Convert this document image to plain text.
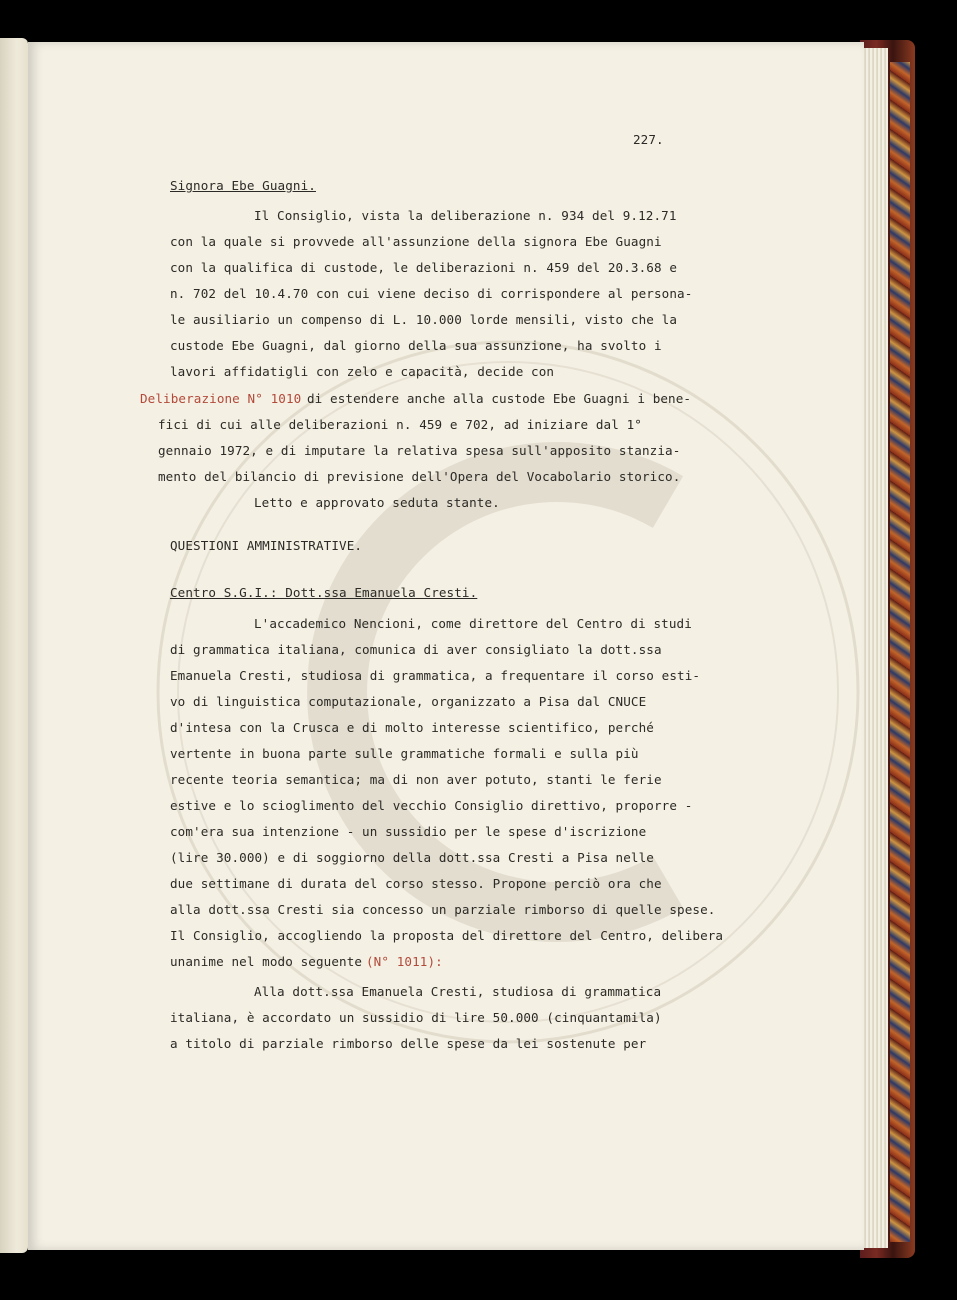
227.
Signora Ebe Guagni.
Il Consiglio, vista la deliberazione n. 934 del 9.12.71
con la quale si provvede all'assunzione della signora Ebe Guagni
con la qualifica di custode, le deliberazioni n. 459 del 20.3.68 e
n. 702 del 10.4.70 con cui viene deciso di corrispondere al persona-
le ausiliario un compenso di L. 10.000 lorde mensili, visto che la
custode Ebe Guagni, dal giorno della sua assunzione, ha svolto i
lavori affidatigli con zelo e capacità, decide con
Deliberazione N° 1010 di estendere anche alla custode Ebe Guagni i bene-
fici di cui alle deliberazioni n. 459 e 702, ad iniziare dal 1°
gennaio 1972, e di imputare la relativa spesa sull'apposito stanzia-
mento del bilancio di previsione dell'Opera del Vocabolario storico.
Letto e approvato seduta stante.
QUESTIONI AMMINISTRATIVE.
Centro S.G.I.: Dott.ssa Emanuela Cresti.
L'accademico Nencioni, come direttore del Centro di studi
di grammatica italiana, comunica di aver consigliato la dott.ssa
Emanuela Cresti, studiosa di grammatica, a frequentare il corso esti-
vo di linguistica computazionale, organizzato a Pisa dal CNUCE
d'intesa con la Crusca e di molto interesse scientifico, perché
vertente in buona parte sulle grammatiche formali e sulla più
recente teoria semantica; ma di non aver potuto, stanti le ferie
estive e lo scioglimento del vecchio Consiglio direttivo, proporre -
com'era sua intenzione - un sussidio per le spese d'iscrizione
(lire 30.000) e di soggiorno della dott.ssa Cresti a Pisa nelle
due settimane di durata del corso stesso. Propone perciò ora che
alla dott.ssa Cresti sia concesso un parziale rimborso di quelle spese.
Il Consiglio, accogliendo la proposta del direttore del Centro, delibera
unanime nel modo seguente (N° 1011):
Alla dott.ssa Emanuela Cresti, studiosa di grammatica
italiana, è accordato un sussidio di lire 50.000 (cinquantamila)
a titolo di parziale rimborso delle spese da lei sostenute per
